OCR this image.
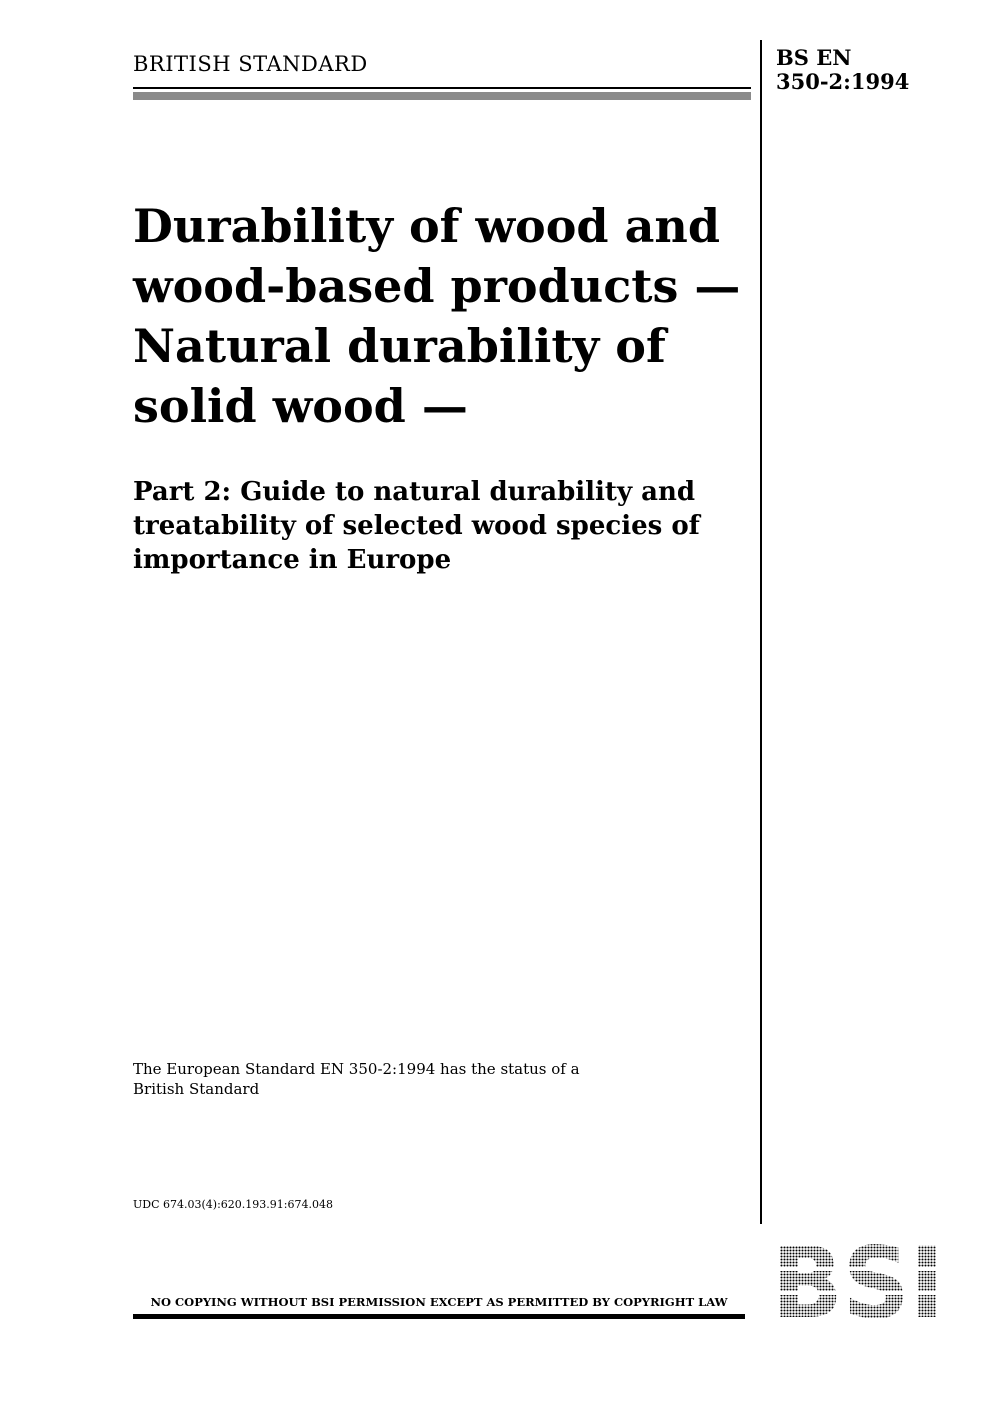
BRITISH STANDARD	BS EN
350-2:1994
Durability of wood and
wood-based products —
Natural durability of
solid wood —
Part 2: Guide to natural durability and
treatability of selected wood species of
importance in Europe
The European Standard EN 350-2:1994 has the status of a
British Standard
UDC 674.03(4):620.193.91:674.048
NO COPYING WITHOUT BSI PERMISSION EXCEPT AS PERMITTED BY COPYRIGHT LAW
